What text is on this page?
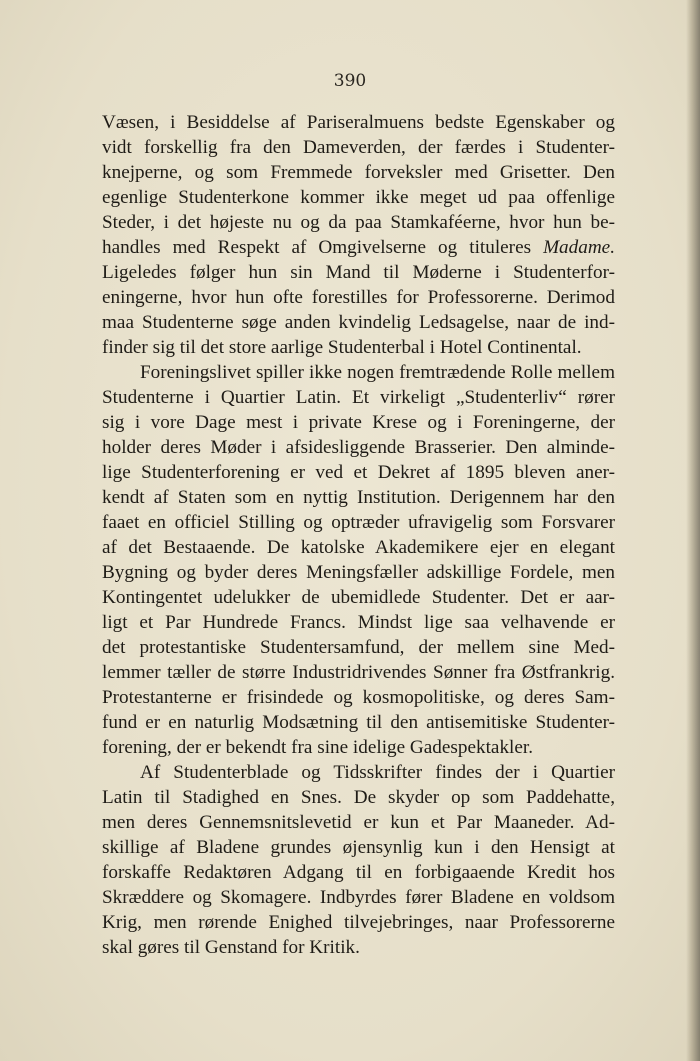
390
Væsen, i Besiddelse af Pariseralmuens bedste Egenskaber og
vidt forskellig fra den Dameverden, der færdes i Studenter-
knejperne, og som Fremmede forveksler med Grisetter. Den
egenlige Studenterkone kommer ikke meget ud paa offenlige
Steder, i det højeste nu og da paa Stamkaféerne, hvor hun be-
handles med Respekt af Omgivelserne og tituleres Madame.
Ligeledes følger hun sin Mand til Møderne i Studenterfor-
eningerne, hvor hun ofte forestilles for Professorerne. Derimod
maa Studenterne søge anden kvindelig Ledsagelse, naar de ind-
finder sig til det store aarlige Studenterbal i Hotel Continental.
Foreningslivet spiller ikke nogen fremtrædende Rolle mellem
Studenterne i Quartier Latin. Et virkeligt „Studenterliv“ rører
sig i vore Dage mest i private Krese og i Foreningerne, der
holder deres Møder i afsidesliggende Brasserier. Den alminde-
lige Studenterforening er ved et Dekret af 1895 bleven aner-
kendt af Staten som en nyttig Institution. Derigennem har den
faaet en officiel Stilling og optræder ufravigelig som Forsvarer
af det Bestaaende. De katolske Akademikere ejer en elegant
Bygning og byder deres Meningsfæller adskillige Fordele, men
Kontingentet udelukker de ubemidlede Studenter. Det er aar-
ligt et Par Hundrede Francs. Mindst lige saa velhavende er
det protestantiske Studentersamfund, der mellem sine Med-
lemmer tæller de større Industridrivendes Sønner fra Østfrankrig.
Protestanterne er frisindede og kosmopolitiske, og deres Sam-
fund er en naturlig Modsætning til den antisemitiske Studenter-
forening, der er bekendt fra sine idelige Gadespektakler.
Af Studenterblade og Tidsskrifter findes der i Quartier
Latin til Stadighed en Snes. De skyder op som Paddehatte,
men deres Gennemsnitslevetid er kun et Par Maaneder. Ad-
skillige af Bladene grundes øjensynlig kun i den Hensigt at
forskaffe Redaktøren Adgang til en forbigaaende Kredit hos
Skræddere og Skomagere. Indbyrdes fører Bladene en voldsom
Krig, men rørende Enighed tilvejebringes, naar Professorerne
skal gøres til Genstand for Kritik.
